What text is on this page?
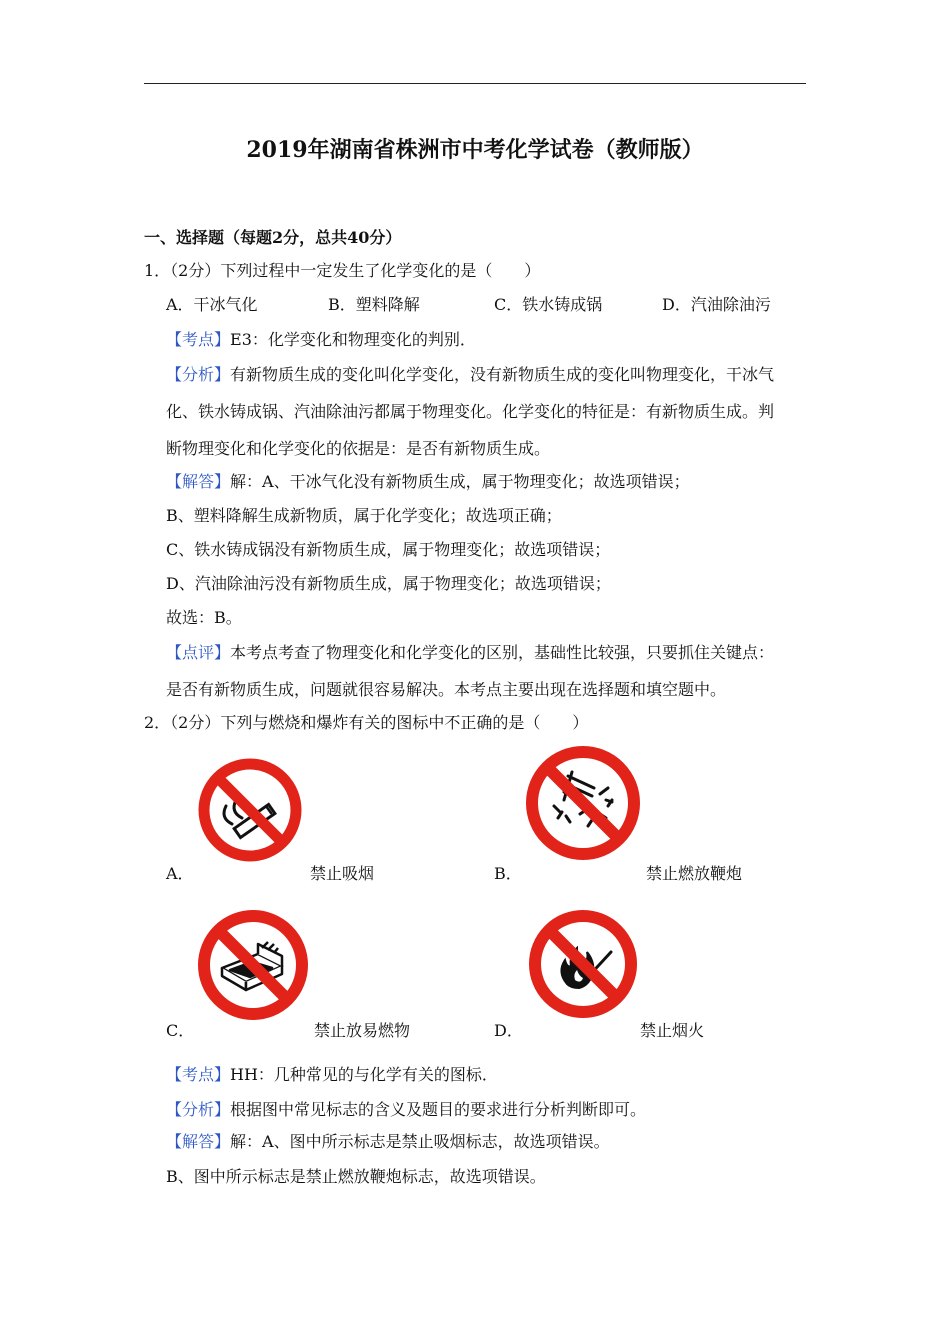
2019年湖南省株洲市中考化学试卷（教师版）
一、选择题（每题2分，总共40分）
1．（2分）下列过程中一定发生了化学变化的是（　　）
A．干冰气化	B．塑料降解	C．铁水铸成锅	D．汽油除油污
【考点】E3：化学变化和物理变化的判别．
【分析】有新物质生成的变化叫化学变化，没有新物质生成的变化叫物理变化，干冰气
化、铁水铸成锅、汽油除油污都属于物理变化。化学变化的特征是：有新物质生成。判
断物理变化和化学变化的依据是：是否有新物质生成。
【解答】解：A、干冰气化没有新物质生成，属于物理变化；故选项错误；
B、塑料降解生成新物质，属于化学变化；故选项正确；
C、铁水铸成锅没有新物质生成，属于物理变化；故选项错误；
D、汽油除油污没有新物质生成，属于物理变化；故选项错误；
故选：B。
【点评】本考点考查了物理变化和化学变化的区别，基础性比较强，只要抓住关键点：
是否有新物质生成，问题就很容易解决。本考点主要出现在选择题和填空题中。
2．（2分）下列与燃烧和爆炸有关的图标中不正确的是（　　）
A．	禁止吸烟	B．	禁止燃放鞭炮
C．	禁止放易燃物	D．	禁止烟火
【考点】HH：几种常见的与化学有关的图标．
【分析】根据图中常见标志的含义及题目的要求进行分析判断即可。
【解答】解：A、图中所示标志是禁止吸烟标志，故选项错误。
B、图中所示标志是禁止燃放鞭炮标志，故选项错误。
